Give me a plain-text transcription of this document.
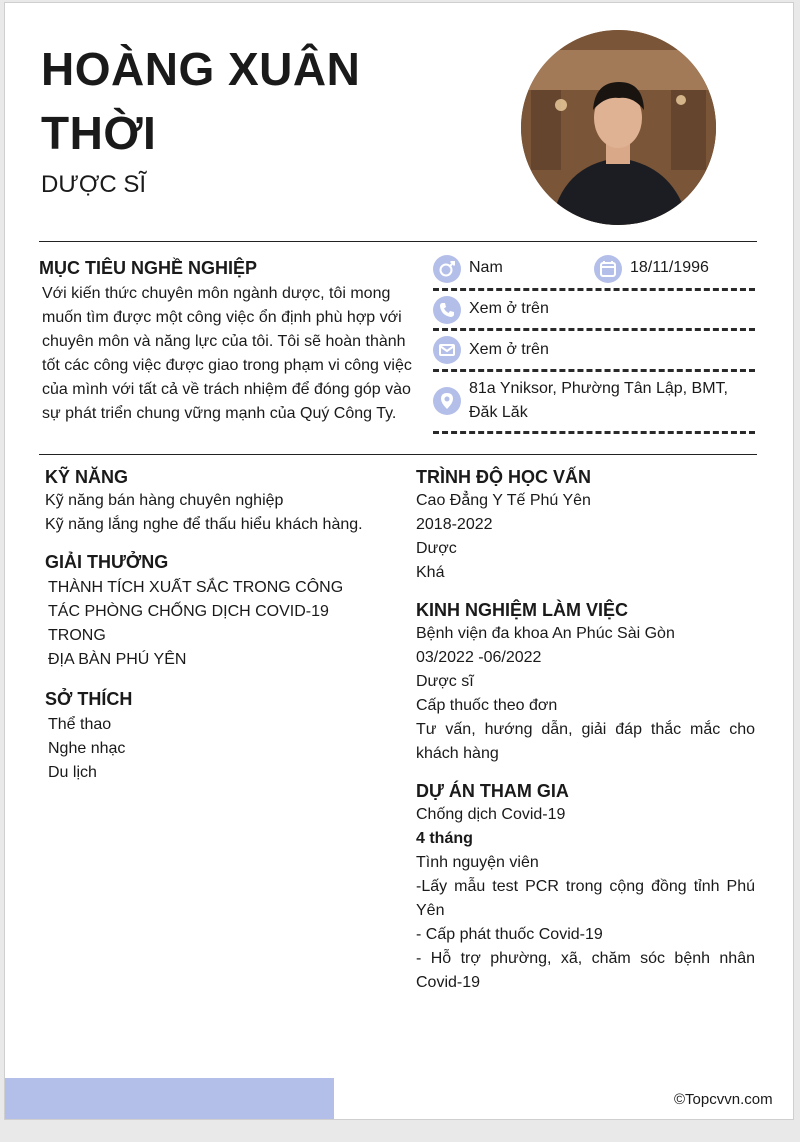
HOÀNG XUÂN
THỜI
DƯỢC SĨ
MỤC TIÊU NGHỀ NGHIỆP
Với kiến thức chuyên môn ngành dược, tôi mong
muốn tìm được một công việc ổn định phù hợp với
chuyên môn và năng lực của tôi. Tôi sẽ hoàn thành
tốt các công việc được giao trong phạm vi công việc
của mình với tất cả về trách nhiệm để đóng góp vào
sự phát triển chung vững mạnh của Quý Công Ty.
Nam	18/11/1996
Xem ở trên
Xem ở trên
81a Yniksor, Phường Tân Lập, BMT,
Đăk Lăk
KỸ NĂNG
Kỹ năng bán hàng chuyên nghiệp
Kỹ năng lắng nghe để thấu hiểu khách hàng.
GIẢI THƯỞNG
THÀNH TÍCH XUẤT SẮC TRONG CÔNG
TÁC PHÒNG CHỐNG DỊCH COVID-19
TRONG
ĐỊA BÀN PHÚ YÊN
SỞ THÍCH
Thể thao
Nghe nhạc
Du lịch
TRÌNH ĐỘ HỌC VẤN
Cao Đẳng Y Tế Phú Yên
2018-2022
Dược
Khá
KINH NGHIỆM LÀM VIỆC
Bệnh viện đa khoa An Phúc Sài Gòn
03/2022 -06/2022
Dược sĩ
Cấp thuốc theo đơn

Tư vấn, hướng dẫn, giải đáp thắc mắc cho khách hàng

DỰ ÁN THAM GIA
Chống dịch Covid-19
4 tháng
Tình nguyện viên

-Lấy mẫu test PCR trong cộng đồng tỉnh Phú Yên

- Cấp phát thuốc Covid-19

- Hỗ trợ phường, xã, chăm sóc bệnh nhân Covid-19

©Topcvvn.com
